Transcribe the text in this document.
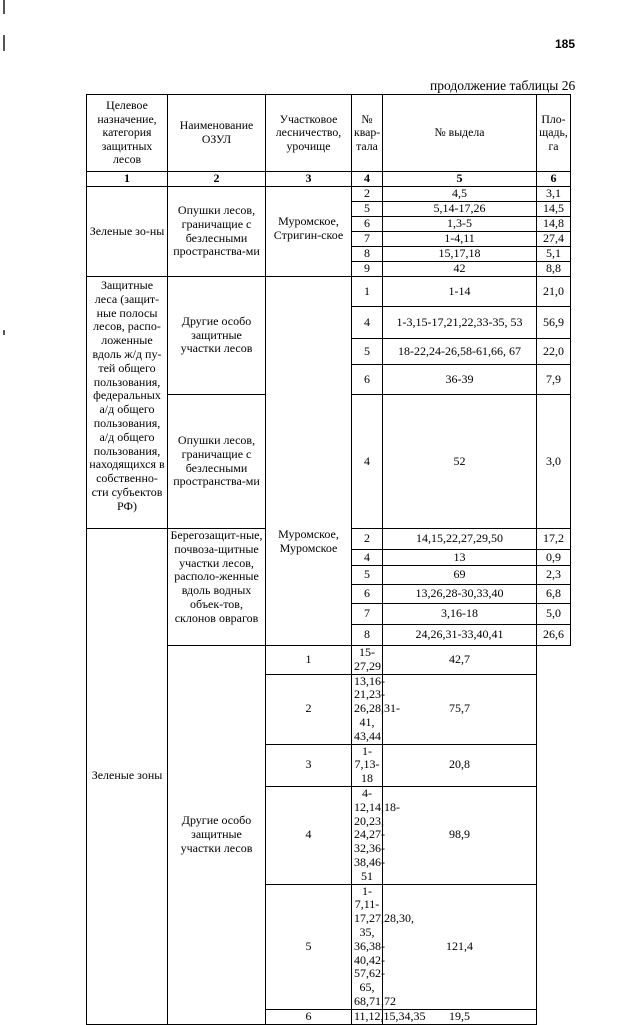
185
продолжение таблицы 26
Целевое назначение, категория защитных лесов	Наименование ОЗУЛ	Участковое лесничество, урочище	№ квар-тала	№ выдела	Пло-щадь, га
1	2	3	4	5	6
Зеленые зо-ны	Опушки лесов, граничащие с безлесными пространства-ми	Муромское, Стригин-ское	2	4,5	3,1
			5	5,14-17,26	14,5
			6	1,3-5	14,8
			7	1-4,11	27,4
			8	15,17,18	5,1
			9	42	8,8
Защитные леса (защит-ные полосы лесов, распо-ложенные вдоль ж/д пу-тей общего пользования, федеральных а/д общего пользования, а/д общего пользования, находящихся в собственно-сти субъектов РФ)	Другие особо защитные участки лесов	Муромское, Муромское	1	1-14	21,0
			4	1-3,15-17,21,22,33-35, 53	56,9
			5	18-22,24-26,58-61,66, 67	22,0
			6	36-39	7,9
	Опушки лесов, граничащие с безлесными пространства-ми		4	52	3,0
Зеленые зоны	Берегозащит-ные, почвоза-щитные участки лесов, располо-женные вдоль водных объек-тов, склонов оврагов		2	14,15,22,27,29,50	17,2
			4	13	0,9
			5	69	2,3
			6	13,26,28-30,33,40	6,8
			7	3,16-18	5,0
			8	24,26,31-33,40,41	26,6
	Другие особо защитные участки лесов	1	15-27,29	42,7	
		2	13,16-21,23-26,28,31-41, 43,44	75,7	
		3	1-7,13-18	20,8	
		4	4-12,14,18-20,23, 24,27-32,36-38,46-51	98,9	
		5	1-7,11-17,27,28,30, 35, 36,38-40,42-57,62-65, 68,71,72	121,4	
		6	11,12,15,34,35	19,5	
